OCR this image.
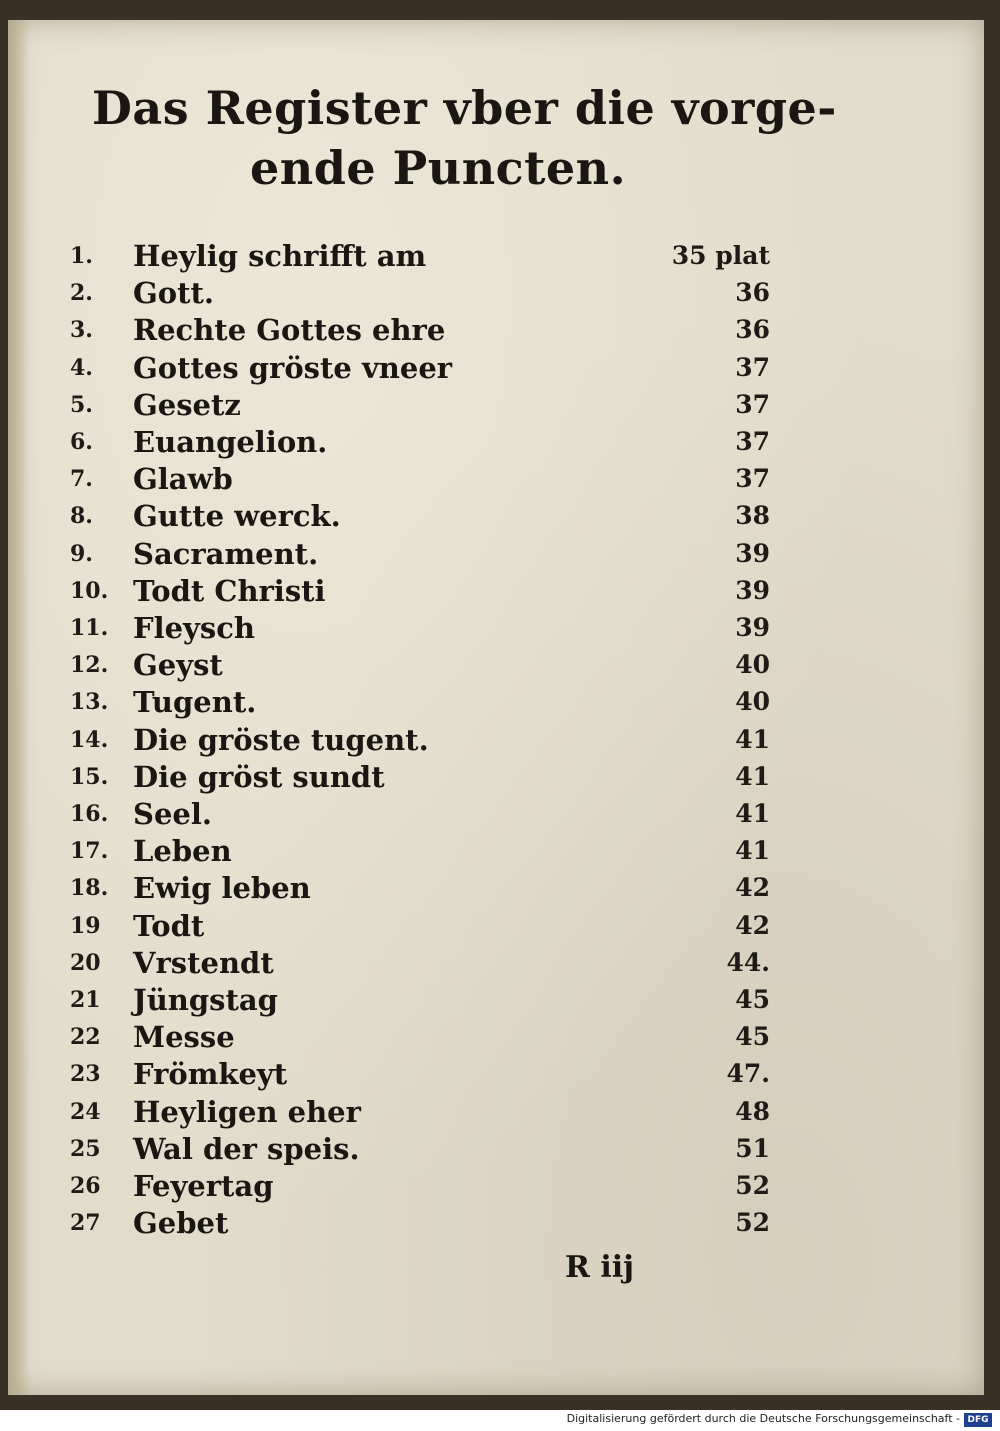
Das Register vber die vorge-
ende Puncten.
1.	Heylig schrifft am	35 plat
2.	Gott.	36
3.	Rechte Gottes ehre	36
4.	Gottes gröste vneer	37
5.	Gesetz	37
6.	Euangelion.	37
7.	Glawb	37
8.	Gutte werck.	38
9.	Sacrament.	39
10. Todt Christi	39
11. Fleysch	39
12. Geyst	40
13. Tugent.	40
14. Die gröste tugent.	41
15. Die gröst sundt	41
16. Seel.	41
17. Leben	41
18. Ewig leben	42
19	Todt	42
20	Vrstendt	44.
21	Jüngstag	45
22	Messe	45
23	Frömkeyt	47.
24	Heyligen eher	48
25	Wal der speis.	51
26	Feyertag	52
27	Gebet	52
R iij
Digitalisierung gefördert durch die Deutsche Forschungsgemeinschaft - DFG
